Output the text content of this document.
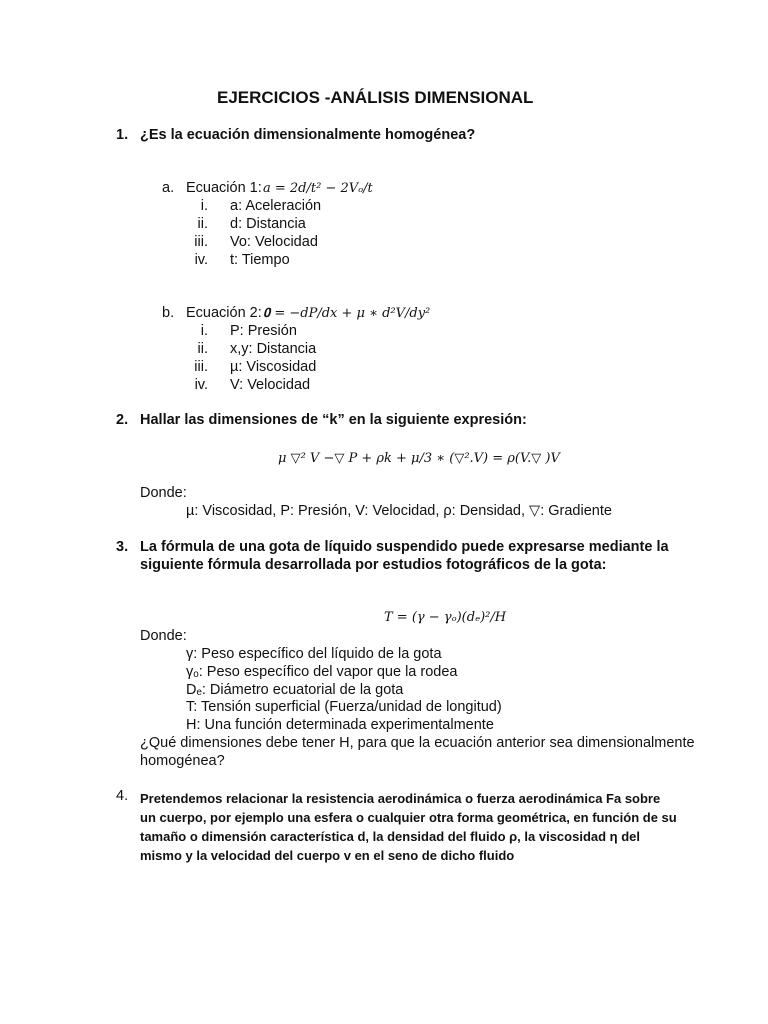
EJERCICIOS -ANÁLISIS DIMENSIONAL
1. ¿Es la ecuación dimensionalmente homogénea?
a. Ecuación 1: a = 2d/t² − 2Vₒ/t
i. a: Aceleración
ii. d: Distancia
iii. Vo: Velocidad
iv. t: Tiempo
b. Ecuación 2: 𝟎 = −dP/dx + μ ∗ d²V/dy²
i. P: Presión
ii. x,y: Distancia
iii. µ: Viscosidad
iv. V: Velocidad
2. Hallar las dimensiones de “k” en la siguiente expresión:
μ ▽² V −▽ P + ρk + μ/3 ∗ (▽².V) = ρ(V.▽ )V
Donde:
µ: Viscosidad, P: Presión, V: Velocidad, ρ: Densidad, ▽: Gradiente
3. La fórmula de una gota de líquido suspendido puede expresarse mediante la
siguiente fórmula desarrollada por estudios fotográficos de la gota:
T = (γ − γₒ)(dₑ)²/H
Donde:
γ: Peso específico del líquido de la gota
γₒ: Peso específico del vapor que la rodea
Dₑ: Diámetro ecuatorial de la gota
T: Tensión superficial (Fuerza/unidad de longitud)
H: Una función determinada experimentalmente
¿Qué dimensiones debe tener H, para que la ecuación anterior sea dimensionalmente
homogénea?
4. Pretendemos relacionar la resistencia aerodinámica o fuerza aerodinámica Fa sobre un cuerpo, por ejemplo una esfera o cualquier otra forma geométrica, en función de su tamaño o dimensión característica d, la densidad del fluido ρ, la viscosidad η del mismo y la velocidad del cuerpo v en el seno de dicho fluido
